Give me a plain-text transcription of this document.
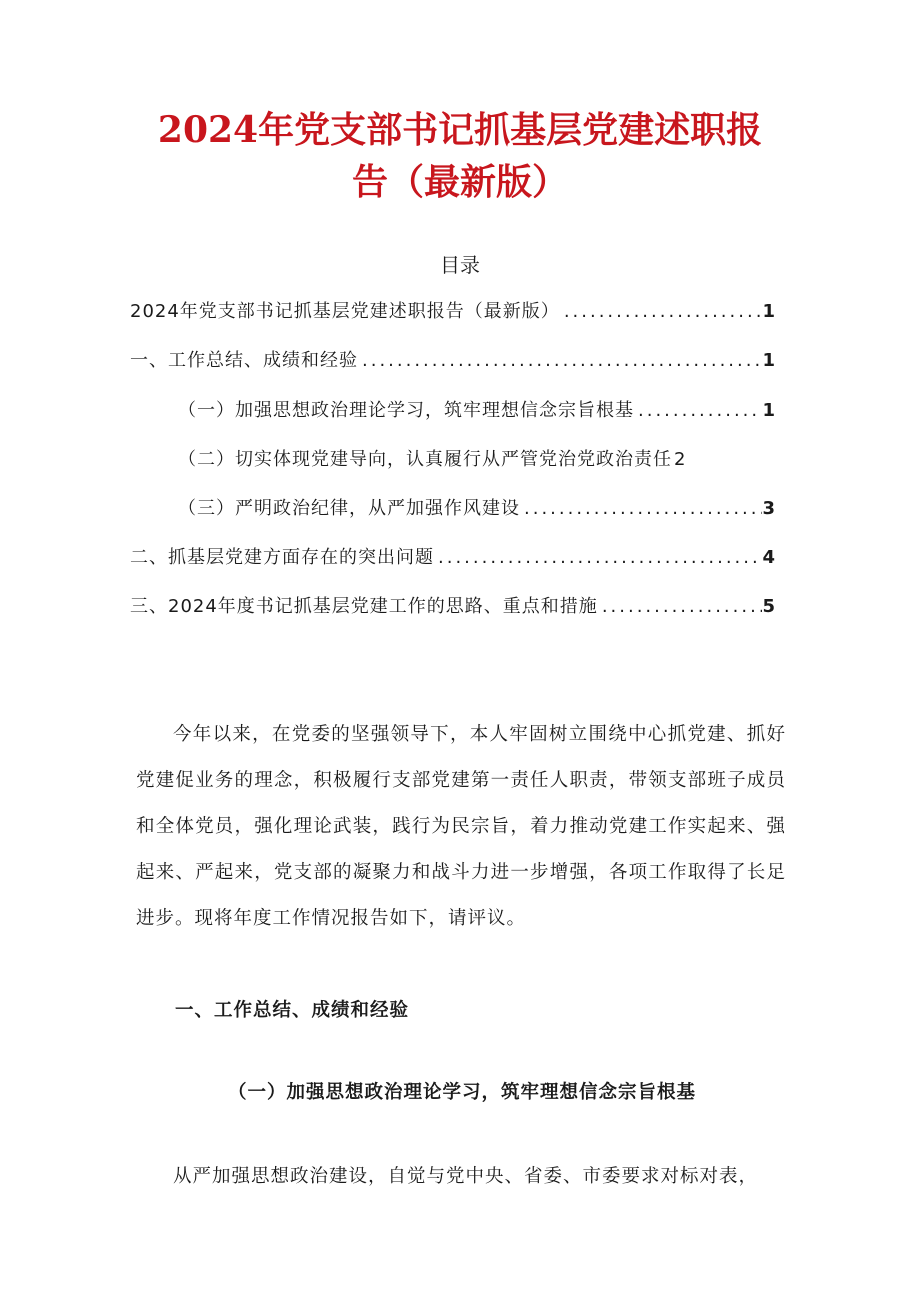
2024年党支部书记抓基层党建述职报
告（最新版）
目录
2024年党支部书记抓基层党建述职报告（最新版） .....	1
一、工作总结、成绩和经验 .....	1
（一）加强思想政治理论学习，筑牢理想信念宗旨根基 .....	1
（二）切实体现党建导向，认真履行从严管党治党政治责任 2
（三）严明政治纪律，从严加强作风建设 .....	3
二、抓基层党建方面存在的突出问题 .....	4
三、2024年度书记抓基层党建工作的思路、重点和措施 .....	5

今年以来，在党委的坚强领导下，本人牢固树立围绕中心抓党建、抓好党建促业务的理念，积极履行支部党建第一责任人职责，带领支部班子成员和全体党员，强化理论武装，践行为民宗旨，着力推动党建工作实起来、强起来、严起来，党支部的凝聚力和战斗力进一步增强，各项工作取得了长足进步。现将年度工作情况报告如下，请评议。

一、工作总结、成绩和经验
（一）加强思想政治理论学习，筑牢理想信念宗旨根基

从严加强思想政治建设，自觉与党中央、省委、市委要求对标对表，
